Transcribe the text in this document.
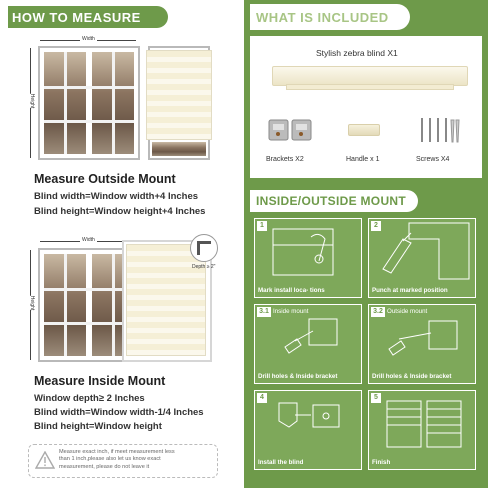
HOW TO MEASURE
Width
Height
Measure Outside Mount
Blind width=Window width+4 Inches
Blind height=Window height+4 Inches
Width
Height
Depth ≥ 2"
Measure Inside Mount
Window depth≥ 2 Inches
Blind width=Window width-1/4 Inches
Blind height=Window height
Measure exact inch, if meet measurement less
than 1 inch,please also let us know exact
measurement, please do not leave it
WHAT IS INCLUDED
Stylish zebra blind X1
Brackets X2	Handle x 1	Screws X4
INSIDE/OUTSIDE MOUNT
1
Mark install loca- tions
2
Punch at marked position
3.1 Inside mount
Drill holes & Inside bracket
3.2 Outside mount
Drill holes & Inside bracket
4
Install the blind
5
Finish
